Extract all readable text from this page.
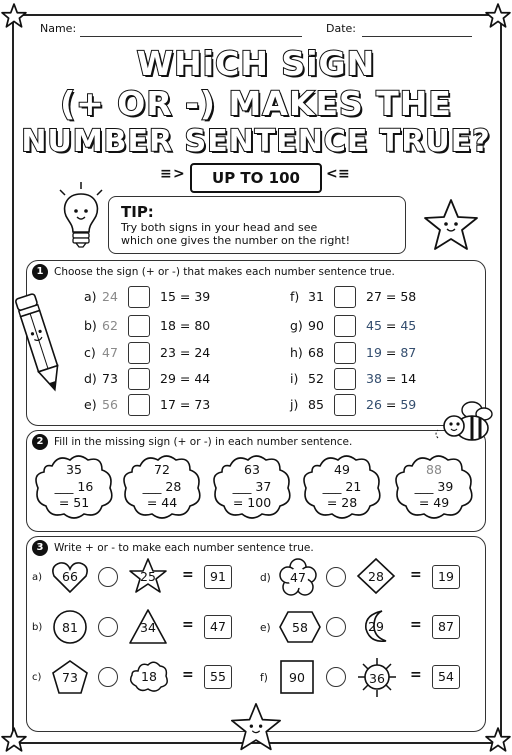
Name:	Date:
WHiCH SiGN
(+ OR -) MAKES THE
NUMBER SENTENCE TRUE?
≡ >	UP TO 100	< ≡
TIP:
Try both signs in your head and see
which one gives the number on the right!
1	Choose the sign (+ or -) that makes each number sentence true.
a) 24	15 = 39
b) 62	18 = 80
c) 47	23 = 24
d) 73	29 = 44
e) 56	17 = 73
f) 31	27 = 58
g) 90	45 = 45
h) 68	19 = 87
i) 52	38 = 14
j) 85	26 = 59
2	Fill in the missing sign (+ or -) in each number sentence.
35
___ 16
= 51
72
___ 28
= 44
63
___ 37
= 100
49
___ 21
= 28
88
___ 39
= 49
3	Write + or - to make each number sentence true.
a)	66	25	=	91	d)	47	28	=	19
b)	81	34	=	47	e)	58	29	=	87
c)	73	18	=	55	f)	90	36	=	54
